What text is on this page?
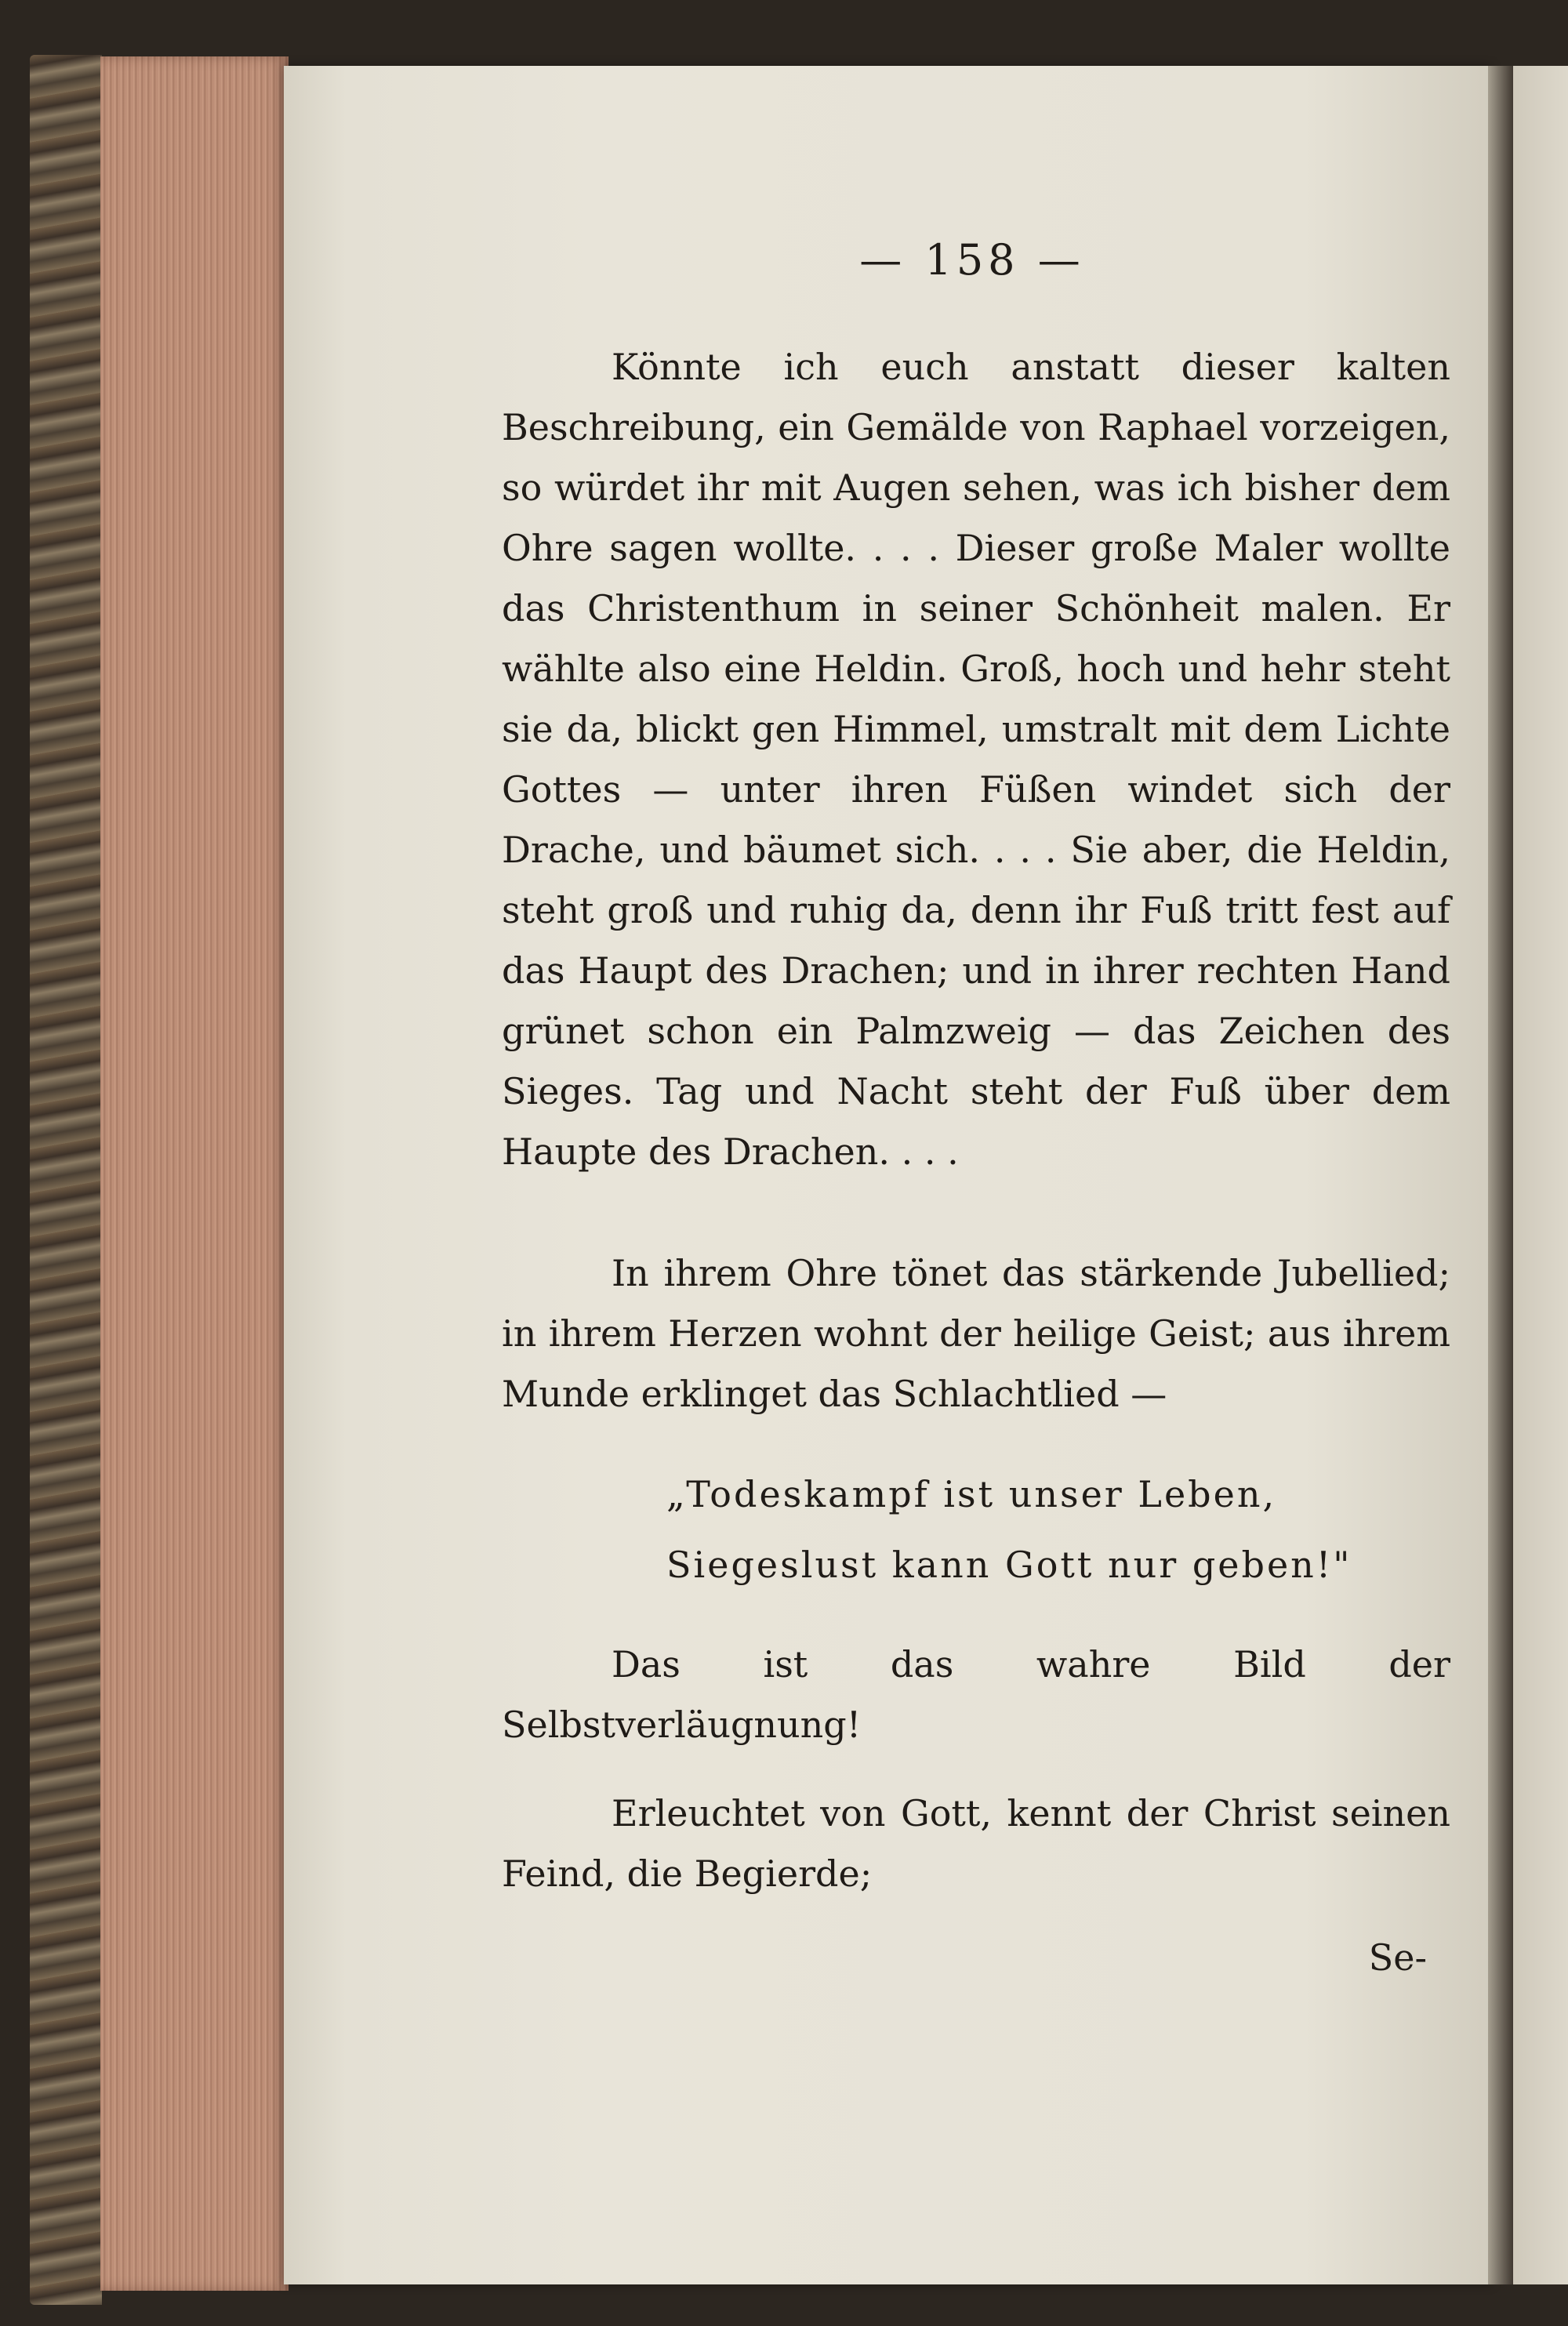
— 158 —

Könnte ich euch anstatt dieser kalten Beschreibung, ein Gemälde von Raphael vorzeigen, so würdet ihr mit Augen sehen, was ich bisher dem Ohre sagen wollte. . . . Dieser große Maler wollte das Christenthum in seiner Schönheit malen. Er wählte also eine Heldin. Groß, hoch und hehr steht sie da, blickt gen Himmel, umstralt mit dem Lichte Gottes — unter ihren Füßen windet sich der Drache, und bäumet sich. . . . Sie aber, die Heldin, steht groß und ruhig da, denn ihr Fuß tritt fest auf das Haupt des Drachen; und in ihrer rechten Hand grünet schon ein Palmzweig — das Zeichen des Sieges. Tag und Nacht steht der Fuß über dem Haupte des Drachen. . . .

In ihrem Ohre tönet das stärkende Jubellied; in ihrem Herzen wohnt der heilige Geist; aus ihrem Munde erklinget das Schlachtlied —

„Todeskampf ist unser Leben,

Siegeslust kann Gott nur geben!"

Das ist das wahre Bild der Selbstverläugnung!

Erleuchtet von Gott, kennt der Christ seinen Feind, die Begierde;

Se-
